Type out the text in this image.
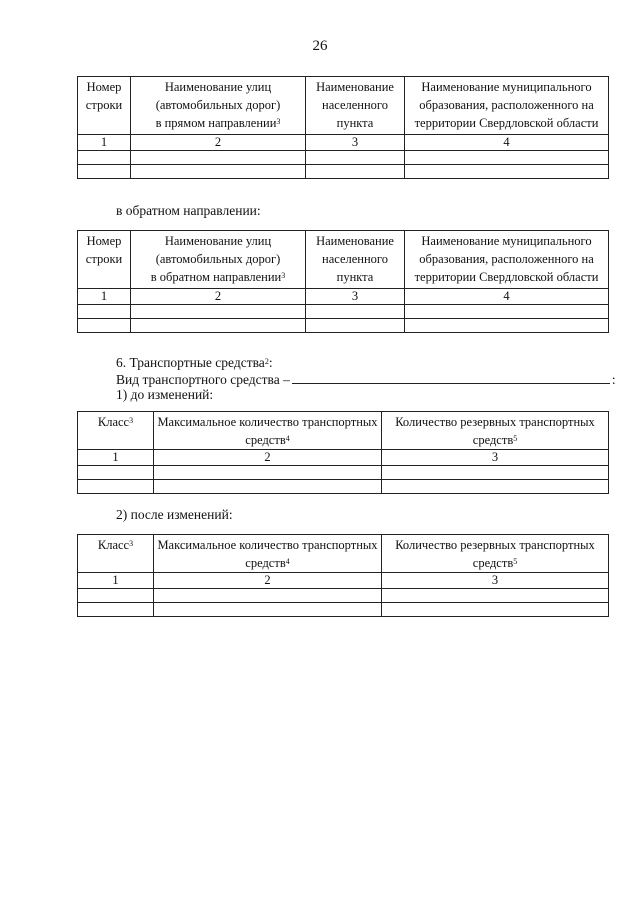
26
Номер строки	Наименование улиц
(автомобильных дорог)
в прямом направлении$^3$	Наименование населенного пункта	Наименование муниципального образования, расположенного на территории Свердловской области
1	2	3	4

в обратном направлении:
Номер строки	Наименование улиц
(автомобильных дорог)
в обратном направлении$^3$	Наименование населенного пункта	Наименование муниципального образования, расположенного на территории Свердловской области
1	2	3	4

6. Транспортные средства$^2$:
Вид транспортного средства –	:
1) до изменений:
Класс$^3$	Максимальное количество транспортных средств$^4$	Количество резервных транспортных средств$^5$
1	2	3

2) после изменений:
Класс$^3$	Максимальное количество транспортных средств$^4$	Количество резервных транспортных средств$^5$
1	2	3
